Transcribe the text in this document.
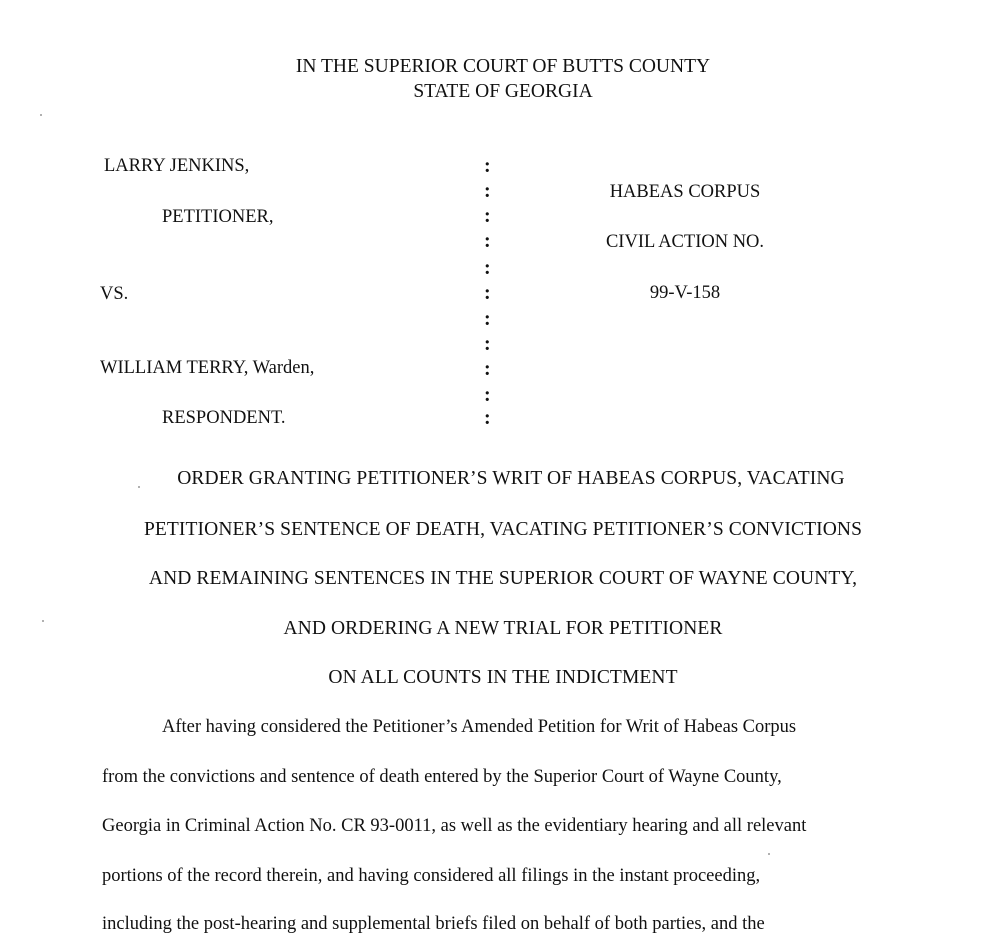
IN THE SUPERIOR COURT OF BUTTS COUNTY
STATE OF GEORGIA
LARRY JENKINS,
PETITIONER,
VS.
WILLIAM TERRY, Warden,
RESPONDENT.
:
:
:
:
:
:
:
:
:
:
:
HABEAS CORPUS
CIVIL ACTION NO.
99-V-158
ORDER GRANTING PETITIONER’S WRIT OF HABEAS CORPUS, VACATING
PETITIONER’S SENTENCE OF DEATH, VACATING PETITIONER’S CONVICTIONS
AND REMAINING SENTENCES IN THE SUPERIOR COURT OF WAYNE COUNTY,
AND ORDERING A NEW TRIAL FOR PETITIONER
ON ALL COUNTS IN THE INDICTMENT
After having considered the Petitioner’s Amended Petition for Writ of Habeas Corpus
from the convictions and sentence of death entered by the Superior Court of Wayne County,
Georgia in Criminal Action No. CR 93-0011, as well as the evidentiary hearing and all relevant
portions of the record therein, and having considered all filings in the instant proceeding,
including the post-hearing and supplemental briefs filed on behalf of both parties, and the
